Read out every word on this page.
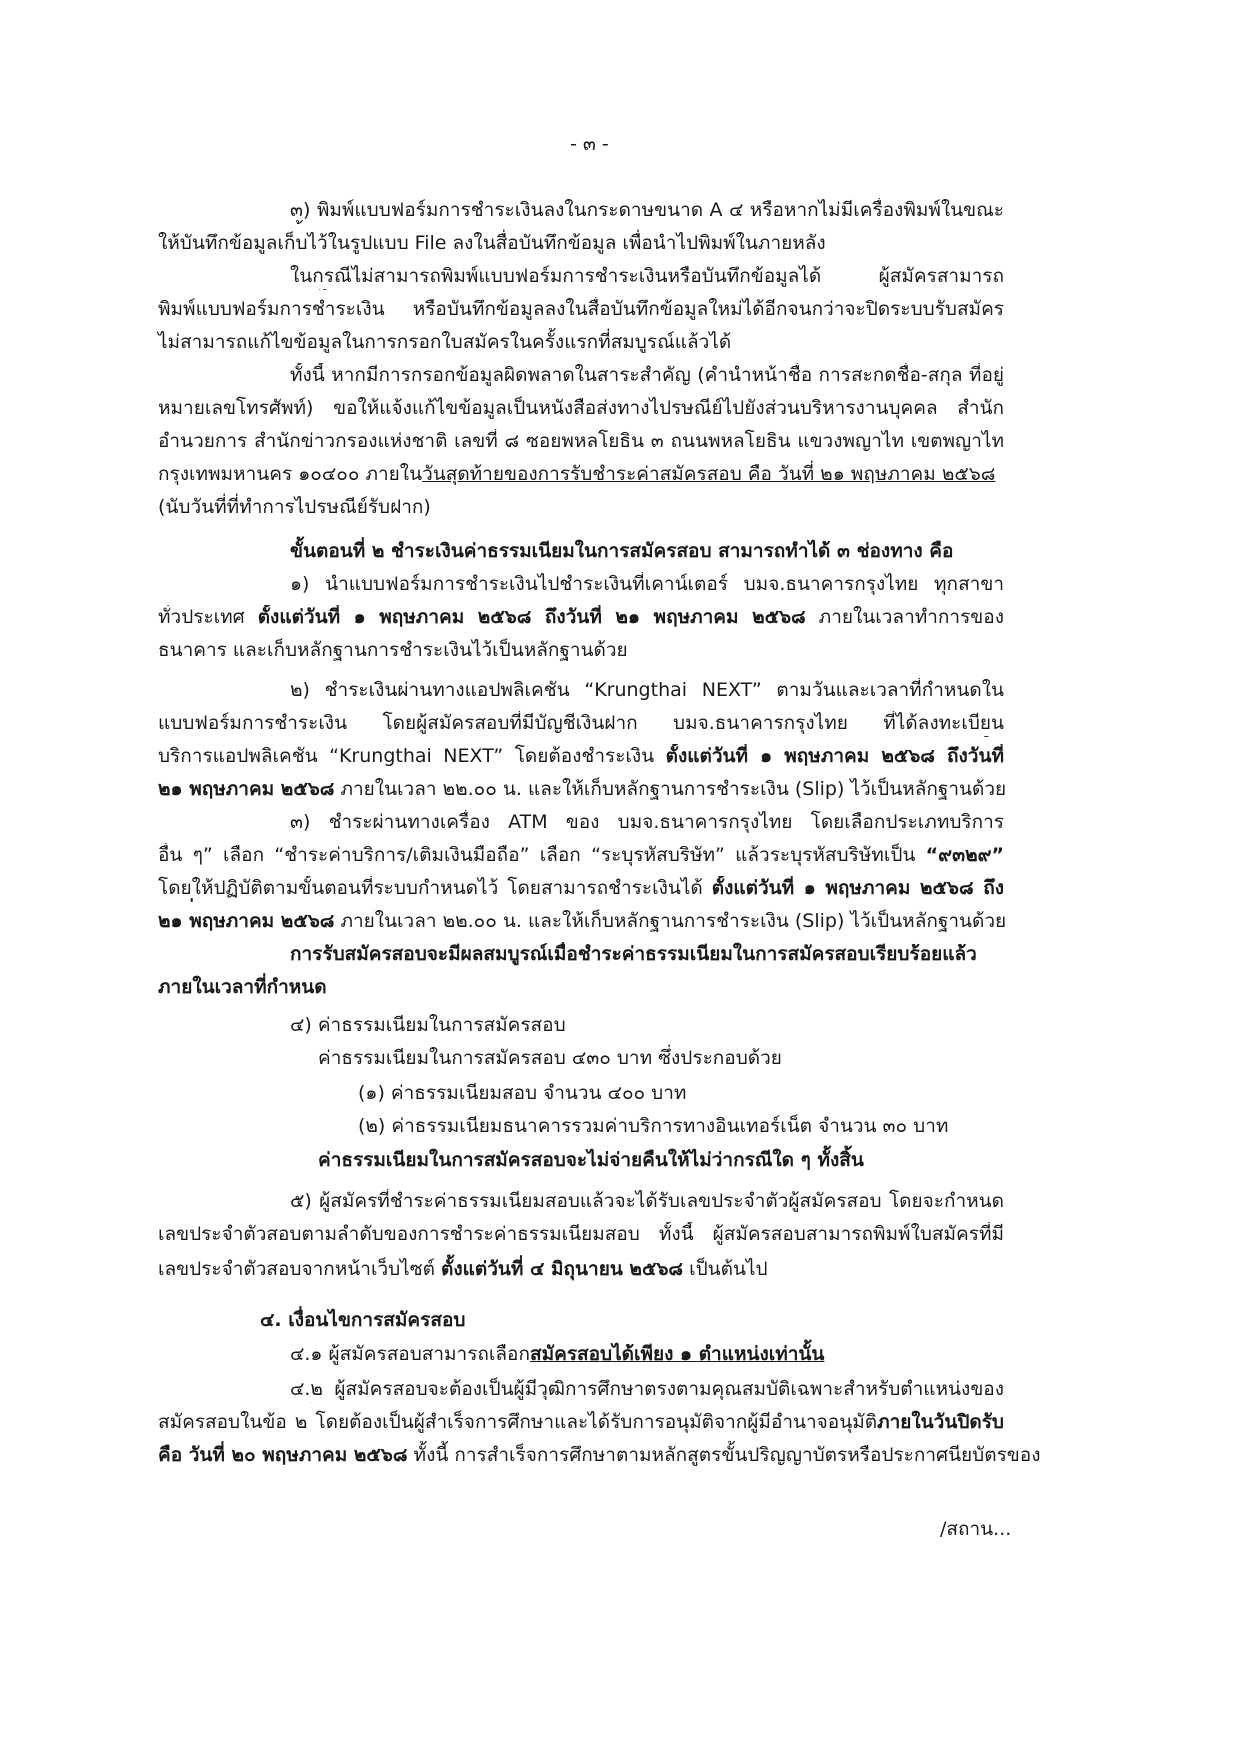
- ๓ -
๓) พิมพ์แบบฟอร์มการชำระเงินลงในกระดาษขนาด A ๔ หรือหากไม่มีเครื่องพิมพ์ในขณะ
ให้บันทึกข้อมูลเก็บไว้ในรูปแบบ File ลงในสื่อบันทึกข้อมูล เพื่อนำไปพิมพ์ในภายหลัง
ในกรณีไม่สามารถพิมพ์แบบฟอร์มการชำระเงินหรือบันทึกข้อมูลได้ ผู้สมัครสามารถ
พิมพ์แบบฟอร์มการชำระเงิน หรือบันทึกข้อมูลลงในสื่อบันทึกข้อมูลใหม่ได้อีกจนกว่าจะปิดระบบรับสมัคร
ไม่สามารถแก้ไขข้อมูลในการกรอกใบสมัครในครั้งแรกที่สมบูรณ์แล้วได้
ทั้งนี้ หากมีการกรอกข้อมูลผิดพลาดในสาระสำคัญ (คำนำหน้าชื่อ การสะกดชื่อ-สกุล ที่อยู่
หมายเลขโทรศัพท์) ขอให้แจ้งแก้ไขข้อมูลเป็นหนังสือส่งทางไปรษณีย์ไปยังส่วนบริหารงานบุคคล สำนัก
อำนวยการ สำนักข่าวกรองแห่งชาติ เลขที่ ๘ ซอยพหลโยธิน ๓ ถนนพหลโยธิน แขวงพญาไท เขตพญาไท
กรุงเทพมหานคร ๑๐๔๐๐ ภายในวันสุดท้ายของการรับชำระค่าสมัครสอบ คือ วันที่ ๒๑ พฤษภาคม ๒๕๖๘
(นับวันที่ที่ทำการไปรษณีย์รับฝาก)
ขั้นตอนที่ ๒ ชำระเงินค่าธรรมเนียมในการสมัครสอบ สามารถทำได้ ๓ ช่องทาง คือ
๑) นำแบบฟอร์มการชำระเงินไปชำระเงินที่เคาน์เตอร์ บมจ.ธนาคารกรุงไทย ทุกสาขา
ทั่วประเทศ ตั้งแต่วันที่ ๑ พฤษภาคม ๒๕๖๘ ถึงวันที่ ๒๑ พฤษภาคม ๒๕๖๘ ภายในเวลาทำการของ
ธนาคาร และเก็บหลักฐานการชำระเงินไว้เป็นหลักฐานด้วย
๒) ชำระเงินผ่านทางแอปพลิเคชัน “Krungthai NEXT” ตามวันและเวลาที่กำหนดใน
แบบฟอร์มการชำระเงิน โดยผู้สมัครสอบที่มีบัญชีเงินฝาก บมจ.ธนาคารกรุงไทย ที่ได้ลงทะเบียน
บริการแอปพลิเคชัน “Krungthai NEXT” โดยต้องชำระเงิน ตั้งแต่วันที่ ๑ พฤษภาคม ๒๕๖๘ ถึงวันที่
๒๑ พฤษภาคม ๒๕๖๘ ภายในเวลา ๒๒.๐๐ น. และให้เก็บหลักฐานการชำระเงิน (Slip) ไว้เป็นหลักฐานด้วย
๓) ชำระผ่านทางเครื่อง ATM ของ บมจ.ธนาคารกรุงไทย โดยเลือกประเภทบริการ
อื่น ๆ” เลือก “ชำระค่าบริการ/เติมเงินมือถือ” เลือก “ระบุรหัสบริษัท” แล้วระบุรหัสบริษัทเป็น “๙๓๒๙”
โดยให้ปฏิบัติตามขั้นตอนที่ระบบกำหนดไว้ โดยสามารถชำระเงินได้ ตั้งแต่วันที่ ๑ พฤษภาคม ๒๕๖๘ ถึง
๒๑ พฤษภาคม ๒๕๖๘ ภายในเวลา ๒๒.๐๐ น. และให้เก็บหลักฐานการชำระเงิน (Slip) ไว้เป็นหลักฐานด้วย
การรับสมัครสอบจะมีผลสมบูรณ์เมื่อชำระค่าธรรมเนียมในการสมัครสอบเรียบร้อยแล้ว
ภายในเวลาที่กำหนด
๔) ค่าธรรมเนียมในการสมัครสอบ
ค่าธรรมเนียมในการสมัครสอบ ๔๓๐ บาท ซึ่งประกอบด้วย
(๑) ค่าธรรมเนียมสอบ จำนวน ๔๐๐ บาท
(๒) ค่าธรรมเนียมธนาคารรวมค่าบริการทางอินเทอร์เน็ต จำนวน ๓๐ บาท
ค่าธรรมเนียมในการสมัครสอบจะไม่จ่ายคืนให้ไม่ว่ากรณีใด ๆ ทั้งสิ้น
๕) ผู้สมัครที่ชำระค่าธรรมเนียมสอบแล้วจะได้รับเลขประจำตัวผู้สมัครสอบ โดยจะกำหนด
เลขประจำตัวสอบตามลำดับของการชำระค่าธรรมเนียมสอบ ทั้งนี้ ผู้สมัครสอบสามารถพิมพ์ใบสมัครที่มี
เลขประจำตัวสอบจากหน้าเว็บไซต์ ตั้งแต่วันที่ ๔ มิถุนายน ๒๕๖๘ เป็นต้นไป
๔. เงื่อนไขการสมัครสอบ
๔.๑ ผู้สมัครสอบสามารถเลือกสมัครสอบได้เพียง ๑ ตำแหน่งเท่านั้น
๔.๒ ผู้สมัครสอบจะต้องเป็นผู้มีวุฒิการศึกษาตรงตามคุณสมบัติเฉพาะสำหรับตำแหน่งของ
สมัครสอบในข้อ ๒ โดยต้องเป็นผู้สำเร็จการศึกษาและได้รับการอนุมัติจากผู้มีอำนาจอนุมัติภายในวันปิดรับ
คือ วันที่ ๒๐ พฤษภาคม ๒๕๖๘ ทั้งนี้ การสำเร็จการศึกษาตามหลักสูตรขั้นปริญญาบัตรหรือประกาศนียบัตรของ
/สถาน...
